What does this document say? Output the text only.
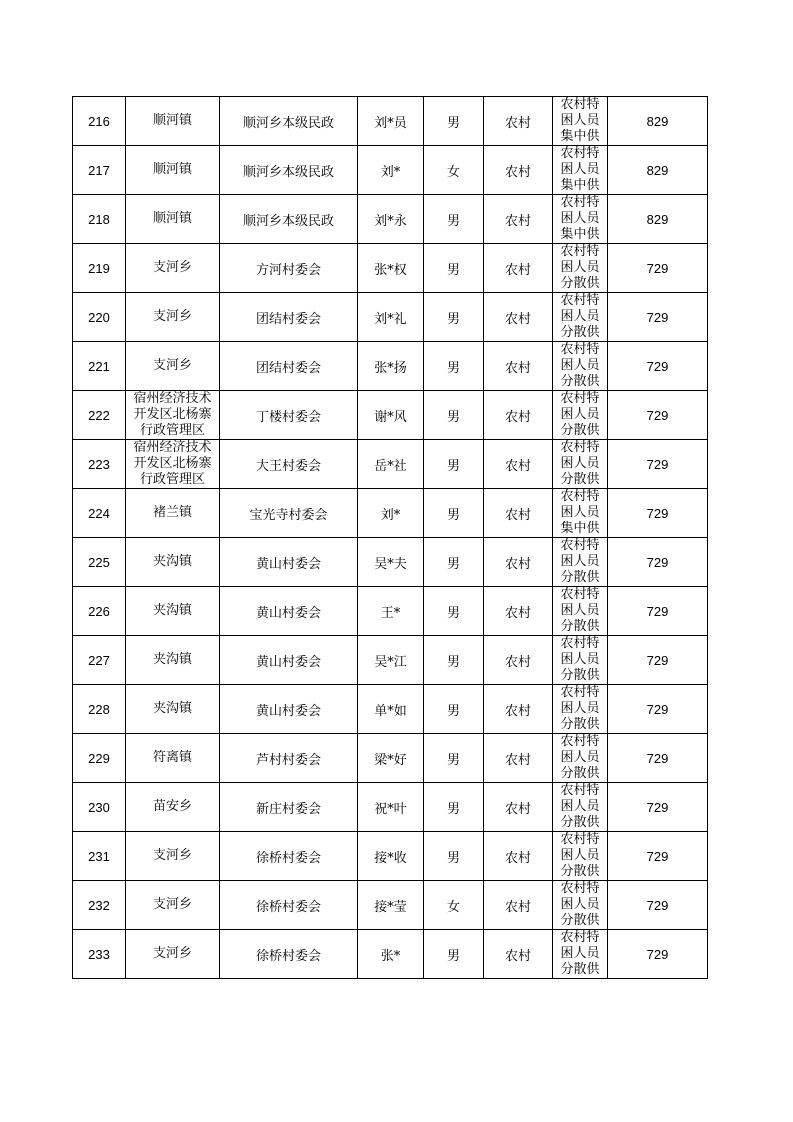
216	顺河镇	顺河乡本级民政	刘*员	男	农村	农村特困人员集中供	829
217	顺河镇	顺河乡本级民政	刘*	女	农村	农村特困人员集中供	829
218	顺河镇	顺河乡本级民政	刘*永	男	农村	农村特困人员集中供	829
219	支河乡	方河村委会	张*权	男	农村	农村特困人员分散供	729
220	支河乡	团结村委会	刘*礼	男	农村	农村特困人员分散供	729
221	支河乡	团结村委会	张*扬	男	农村	农村特困人员分散供	729
222	宿州经济技术开发区北杨寨行政管理区	丁楼村委会	谢*风	男	农村	农村特困人员分散供	729
223	宿州经济技术开发区北杨寨行政管理区	大王村委会	岳*社	男	农村	农村特困人员分散供	729
224	褚兰镇	宝光寺村委会	刘*	男	农村	农村特困人员集中供	729
225	夹沟镇	黄山村委会	吴*夫	男	农村	农村特困人员分散供	729
226	夹沟镇	黄山村委会	王*	男	农村	农村特困人员分散供	729
227	夹沟镇	黄山村委会	吴*江	男	农村	农村特困人员分散供	729
228	夹沟镇	黄山村委会	单*如	男	农村	农村特困人员分散供	729
229	符离镇	芦村村委会	梁*好	男	农村	农村特困人员分散供	729
230	苗安乡	新庄村委会	祝*叶	男	农村	农村特困人员分散供	729
231	支河乡	徐桥村委会	接*收	男	农村	农村特困人员分散供	729
232	支河乡	徐桥村委会	接*莹	女	农村	农村特困人员分散供	729
233	支河乡	徐桥村委会	张*	男	农村	农村特困人员分散供	729
